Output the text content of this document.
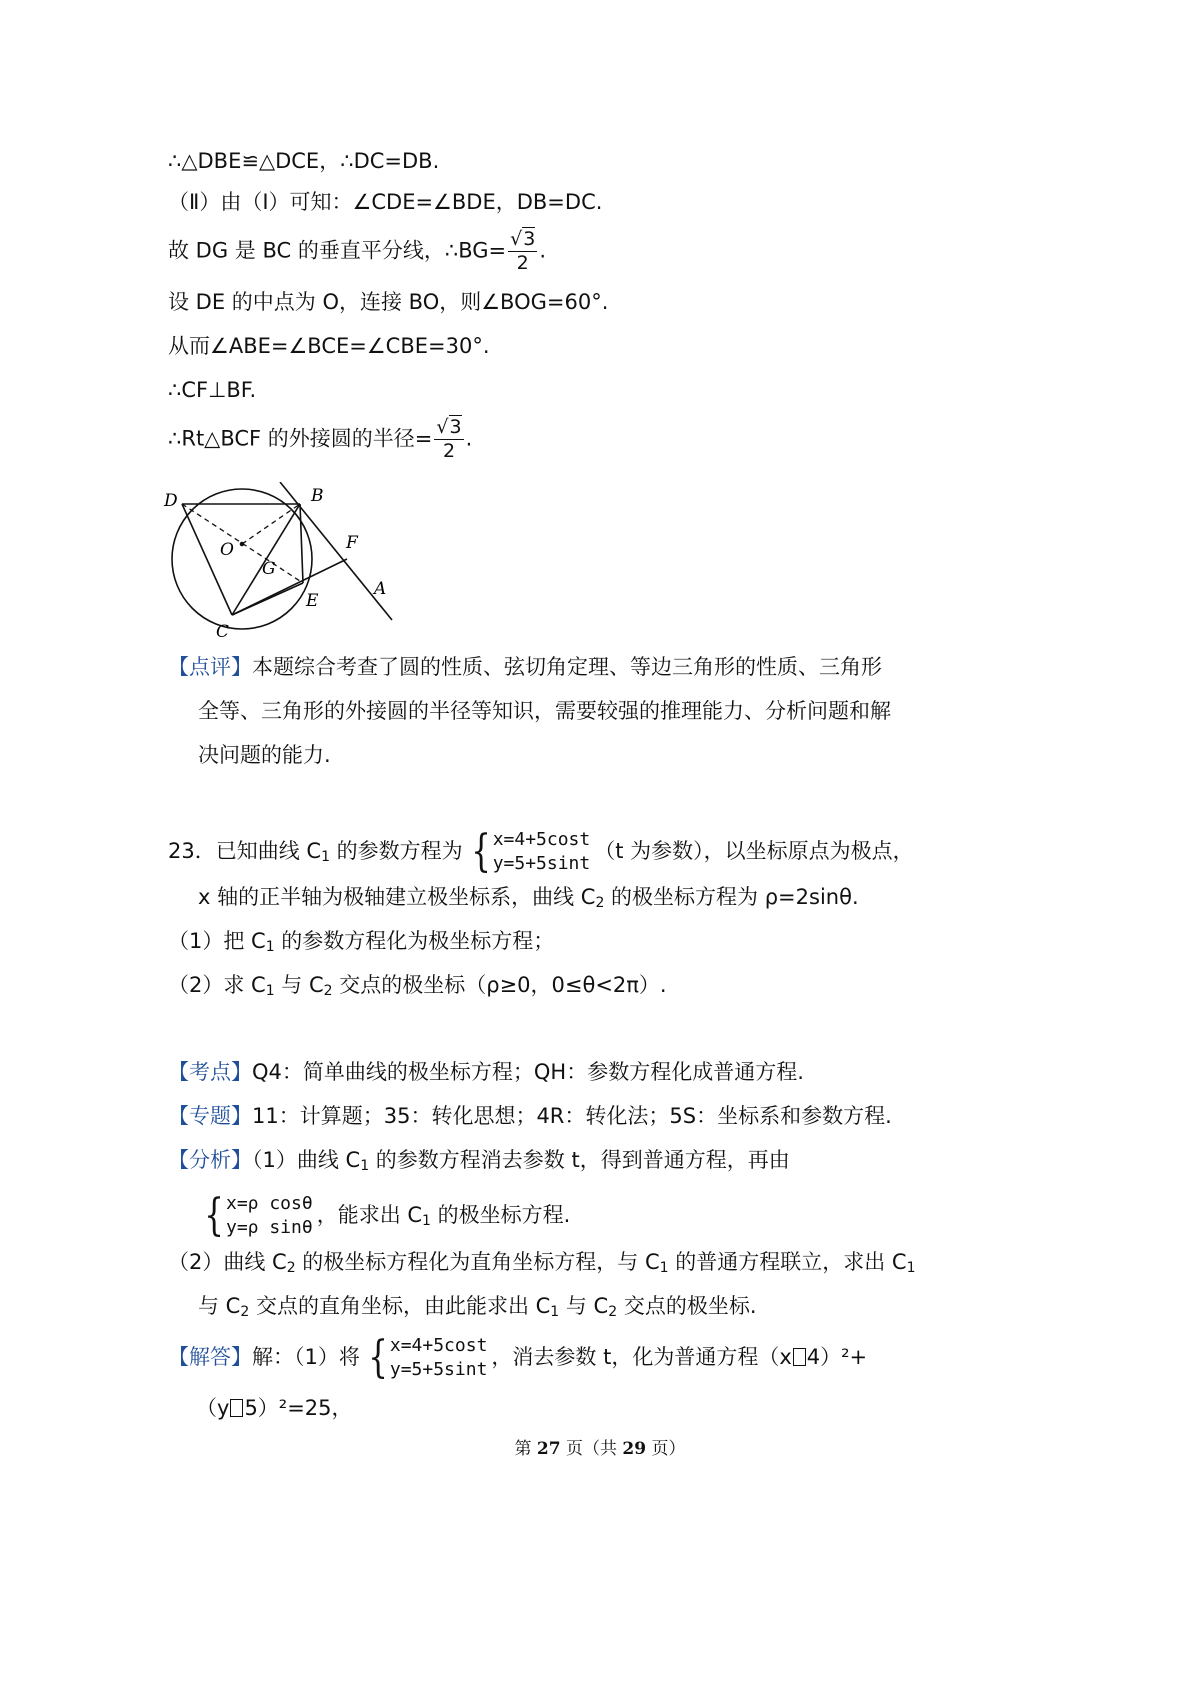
∴△DBE≌△DCE，∴DC=DB.
（Ⅱ）由（Ⅰ）可知：∠CDE=∠BDE，DB=DC.
故 DG 是 BC 的垂直平分线，∴BG= $\frac{√3}{2}$ .
设 DE 的中点为 O，连接 BO，则∠BOG=60°.
从而∠ABE=∠BCE=∠CBE=30°.
∴CF⊥BF.
∴Rt△BCF 的外接圆的半径= $\frac{√3}{2}$ .
D	B
O
G
F
A
E
C
【点评】本题综合考查了圆的性质、弦切角定理、等边三角形的性质、三角形
全等、三角形的外接圆的半径等知识，需要较强的推理能力、分析问题和解
决问题的能力.
23．已知曲线 $C_1$ 的参数方程为 { x=4+5cost
y=5+5sint
（t 为参数），以坐标原点为极点，
x 轴的正半轴为极轴建立极坐标系，曲线 $C_2$ 的极坐标方程为 ρ=2sinθ.
（1）把 $C_1$ 的参数方程化为极坐标方程；
（2）求 $C_1$ 与 $C_2$ 交点的极坐标（ρ≥0，0≤θ<2π）.
【考点】Q4：简单曲线的极坐标方程；QH：参数方程化成普通方程.
【专题】11：计算题；35：转化思想；4R：转化法；5S：坐标系和参数方程.
【分析】（1）曲线 $C_1$ 的参数方程消去参数 t，得到普通方程，再由
{ x=ρ cosθ
y=ρ sinθ
，能求出 $C_1$ 的极坐标方程.
（2）曲线 $C_2$ 的极坐标方程化为直角坐标方程，与 $C_1$ 的普通方程联立，求出 $C_1$
与 $C_2$ 交点的直角坐标，由此能求出 $C_1$ 与 $C_2$ 交点的极坐标.
【解答】解：（1）将 { x=4+5cost
y=5+5sint
，消去参数 t，化为普通方程（x 4）²+
（y 5）²=25，
第 27 页（共 29 页）
